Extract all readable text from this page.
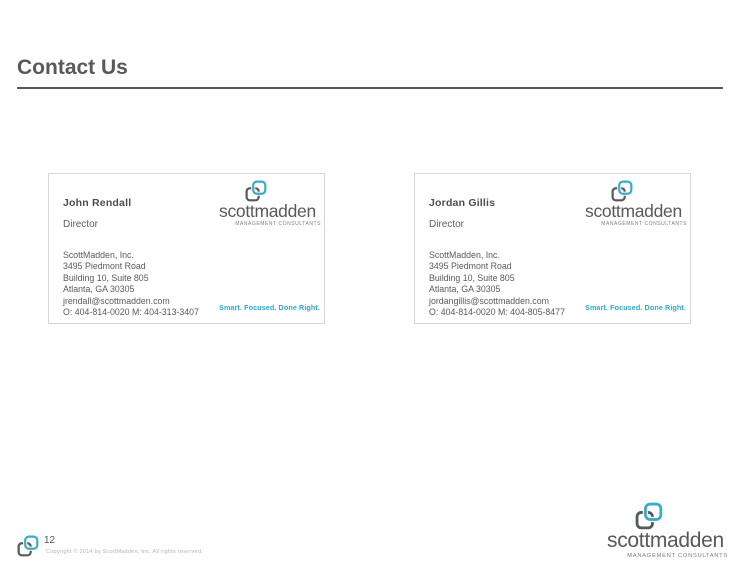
Contact Us
John Rendall
Director
ScottMadden, Inc.
3495 Piedmont Road
Building 10, Suite 805
Atlanta, GA 30305
jrendall@scottmadden.com
O: 404-814-0020 M: 404-313-3407
scottmadden
MANAGEMENT CONSULTANTS
Smart. Focused. Done Right.
Jordan Gillis
Director
ScottMadden, Inc.
3495 Piedmont Road
Building 10, Suite 805
Atlanta, GA 30305
jordangillis@scottmadden.com
O: 404-814-0020 M: 404-805-8477
scottmadden
MANAGEMENT CONSULTANTS
Smart. Focused. Done Right.
12
Copyright © 2014 by ScottMadden, Inc. All rights reserved.	scottmadden
MANAGEMENT CONSULTANTS
